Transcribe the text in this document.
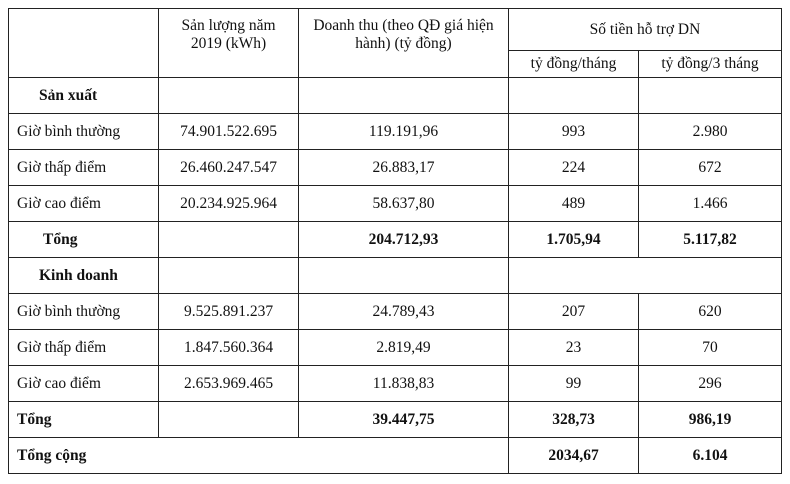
	Sản lượng năm 2019 (kWh)	Doanh thu (theo QĐ giá hiện hành) (tỷ đồng)	Số tiền hỗ trợ DN	
			tỷ đồng/tháng	tỷ đồng/3 tháng
Sản xuất				
Giờ bình thường	74.901.522.695	119.191,96	993	2.980
Giờ thấp điểm	26.460.247.547	26.883,17	224	672
Giờ cao điểm	20.234.925.964	58.637,80	489	1.466
Tổng		204.712,93	1.705,94	5.117,82
Kinh doanh				
Giờ bình thường	9.525.891.237	24.789,43	207	620
Giờ thấp điểm	1.847.560.364	2.819,49	23	70
Giờ cao điểm	2.653.969.465	11.838,83	99	296
Tổng		39.447,75	328,73	986,19
Tổng cộng			2034,67	6.104
